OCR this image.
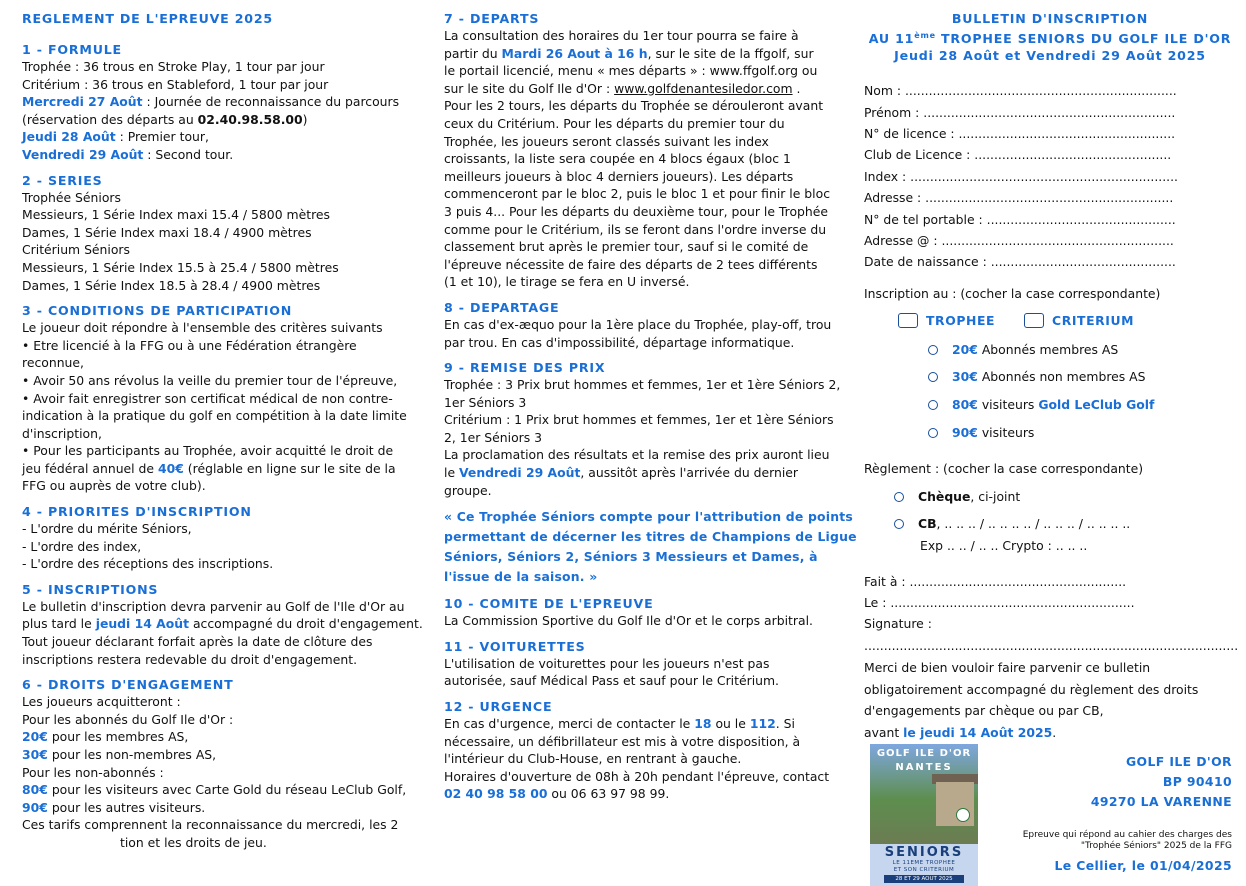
REGLEMENT DE L'EPREUVE 2025
1 - FORMULE
Trophée : 36 trous en Stroke Play, 1 tour par jour
Critérium : 36 trous en Stableford, 1 tour par jour
Mercredi 27 Août : Journée de reconnaissance du parcours
(réservation des départs au 02.40.98.58.00)
Jeudi 28 Août : Premier tour,
Vendredi 29 Août : Second tour.
2 - SERIES
Trophée Séniors
Messieurs, 1 Série Index maxi 15.4 / 5800 mètres
Dames, 1 Série Index maxi 18.4 / 4900 mètres
Critérium Séniors
Messieurs, 1 Série Index 15.5 à 25.4 / 5800 mètres
Dames, 1 Série Index 18.5 à 28.4 / 4900 mètres
3 - CONDITIONS DE PARTICIPATION
Le joueur doit répondre à l'ensemble des critères suivants
• Etre licencié à la FFG ou à une Fédération étrangère
reconnue,
• Avoir 50 ans révolus la veille du premier tour de l'épreuve,
• Avoir fait enregistrer son certificat médical de non contre-
indication à la pratique du golf en compétition à la date limite
d'inscription,
• Pour les participants au Trophée, avoir acquitté le droit de
jeu fédéral annuel de 40€ (réglable en ligne sur le site de la
FFG ou auprès de votre club).
4 - PRIORITES D'INSCRIPTION
- L'ordre du mérite Séniors,
- L'ordre des index,
- L'ordre des réceptions des inscriptions.
5 - INSCRIPTIONS
Le bulletin d'inscription devra parvenir au Golf de l'Ile d'Or au
plus tard le jeudi 14 Août accompagné du droit d'engagement.
Tout joueur déclarant forfait après la date de clôture des
inscriptions restera redevable du droit d'engagement.
6 - DROITS D'ENGAGEMENT
Les joueurs acquitteront :
Pour les abonnés du Golf Ile d'Or :
20€ pour les membres AS,
30€ pour les non-membres AS,
Pour les non-abonnés :
80€ pour les visiteurs avec Carte Gold du réseau LeClub Golf,
90€ pour les autres visiteurs.
Ces tarifs comprennent la reconnaissance du mercredi, les 2
tion et les droits de jeu.
7 - DEPARTS
La consultation des horaires du 1er tour pourra se faire à
partir du Mardi 26 Aout à 16 h, sur le site de la ffgolf, sur
le portail licencié, menu « mes départs » : www.ffgolf.org ou
sur le site du Golf Ile d'Or : www.golfdenantesiledor.com .
Pour les 2 tours, les départs du Trophée se dérouleront avant
ceux du Critérium. Pour les départs du premier tour du
Trophée, les joueurs seront classés suivant les index
croissants, la liste sera coupée en 4 blocs égaux (bloc 1
meilleurs joueurs à bloc 4 derniers joueurs). Les départs
commenceront par le bloc 2, puis le bloc 1 et pour finir le bloc
3 puis 4... Pour les départs du deuxième tour, pour le Trophée
comme pour le Critérium, ils se feront dans l'ordre inverse du
classement brut après le premier tour, sauf si le comité de
l'épreuve nécessite de faire des départs de 2 tees différents
(1 et 10), le tirage se fera en U inversé.
8 - DEPARTAGE
En cas d'ex-æquo pour la 1ère place du Trophée, play-off, trou
par trou. En cas d'impossibilité, départage informatique.
9 - REMISE DES PRIX
Trophée : 3 Prix brut hommes et femmes, 1er et 1ère Séniors 2,
1er Séniors 3
Critérium : 1 Prix brut hommes et femmes, 1er et 1ère Séniors
2, 1er Séniors 3
La proclamation des résultats et la remise des prix auront lieu
le Vendredi 29 Août, aussitôt après l'arrivée du dernier
groupe.
« Ce Trophée Séniors compte pour l'attribution de points
permettant de décerner les titres de Champions de Ligue
Séniors, Séniors 2, Séniors 3 Messieurs et Dames, à
l'issue de la saison. »
10 - COMITE DE L'EPREUVE
La Commission Sportive du Golf Ile d'Or et le corps arbitral.
11 - VOITURETTES
L'utilisation de voiturettes pour les joueurs n'est pas
autorisée, sauf Médical Pass et sauf pour le Critérium.
12 - URGENCE
En cas d'urgence, merci de contacter le 18 ou le 112. Si
nécessaire, un défibrillateur est mis à votre disposition, à
l'intérieur du Club-House, en rentrant à gauche.
Horaires d'ouverture de 08h à 20h pendant l'épreuve, contact
02 40 98 58 00 ou 06 63 97 98 99.
BULLETIN D'INSCRIPTION
AU 11ème TROPHEE SENIORS DU GOLF ILE D'OR
Jeudi 28 Août et Vendredi 29 Août 2025
Nom : .....................................................................
Prénom : ................................................................
N° de licence : .......................................................
Club de Licence : ..................................................
Index : ....................................................................
Adresse : ...............................................................
N° de tel portable : ................................................
Adresse @ : ...........................................................
Date de naissance : ...............................................
Inscription au : (cocher la case correspondante)
TROPHEE	CRITERIUM
20€ Abonnés membres AS
30€ Abonnés non membres AS
80€ visiteurs Gold LeClub Golf
90€ visiteurs
Règlement : (cocher la case correspondante)
Chèque, ci-joint
CB, .. .. .. / .. .. .. .. / .. .. .. / .. .. .. ..
Exp .. .. / .. .. Crypto : .. .. ..
Fait à : .......................................................
Le : ..............................................................
Signature :
...............................................................................................
Merci de bien vouloir faire parvenir ce bulletin
obligatoirement accompagné du règlement des droits
d'engagements par chèque ou par CB,
avant le jeudi 14 Août 2025.
GOLF ILE D'OR
NANTES
SENIORS
LE 11EME TROPHEE
ET SON CRITERIUM
28 ET 29 AOUT 2025
GOLF ILE D'OR
BP 90410
49270 LA VARENNE
Epreuve qui répond au cahier des charges des
"Trophée Séniors" 2025 de la FFG
Le Cellier, le 01/04/2025
